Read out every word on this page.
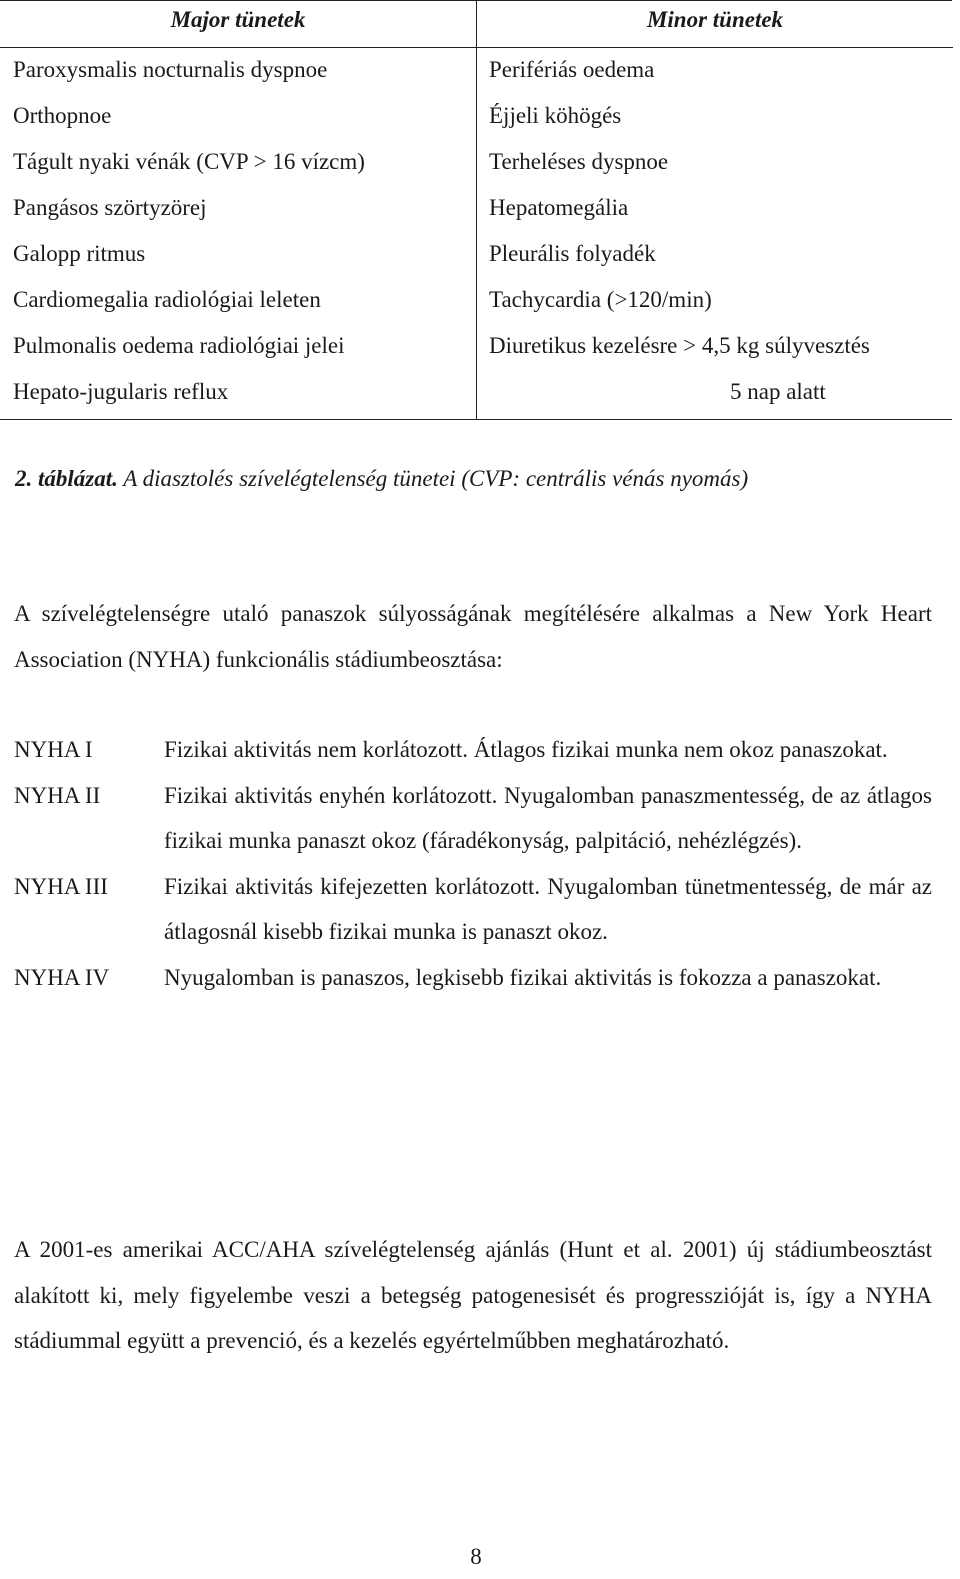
Major tünetek
Paroxysmalis nocturnalis dyspnoe
Orthopnoe
Tágult nyaki vénák (CVP > 16 vízcm)
Pangásos szörtyzörej
Galopp ritmus
Cardiomegalia radiológiai leleten
Pulmonalis oedema radiológiai jelei
Hepato-jugularis reflux
Minor tünetek
Perifériás oedema
Éjjeli köhögés
Terheléses dyspnoe
Hepatomegália
Pleurális folyadék
Tachycardia (>120/min)
Diuretikus kezelésre > 4,5 kg súlyvesztés
5 nap alatt
2. táblázat. A diasztolés szívelégtelenség tünetei (CVP: centrális vénás nyomás)

A szívelégtelenségre utaló panaszok súlyosságának megítélésére alkalmas a New York Heart Association (NYHA) funkcionális stádiumbeosztása:

NYHA I	Fizikai aktivitás nem korlátozott. Átlagos fizikai munka nem okoz panaszokat.
NYHA II	Fizikai aktivitás enyhén korlátozott. Nyugalomban panaszmentesség, de az átlagos fizikai munka panaszt okoz (fáradékonyság, palpitáció, nehézlégzés).
NYHA III Fizikai aktivitás kifejezetten korlátozott. Nyugalomban tünetmentesség, de már az átlagosnál kisebb fizikai munka is panaszt okoz.
NYHA IV Nyugalomban is panaszos, legkisebb fizikai aktivitás is fokozza a panaszokat.

A 2001-es amerikai ACC/AHA szívelégtelenség ajánlás (Hunt et al. 2001) új stádiumbeosztást alakított ki, mely figyelembe veszi a betegség patogenesisét és progresszióját is, így a NYHA stádiummal együtt a prevenció, és a kezelés egyértelműbben meghatározható.

8
